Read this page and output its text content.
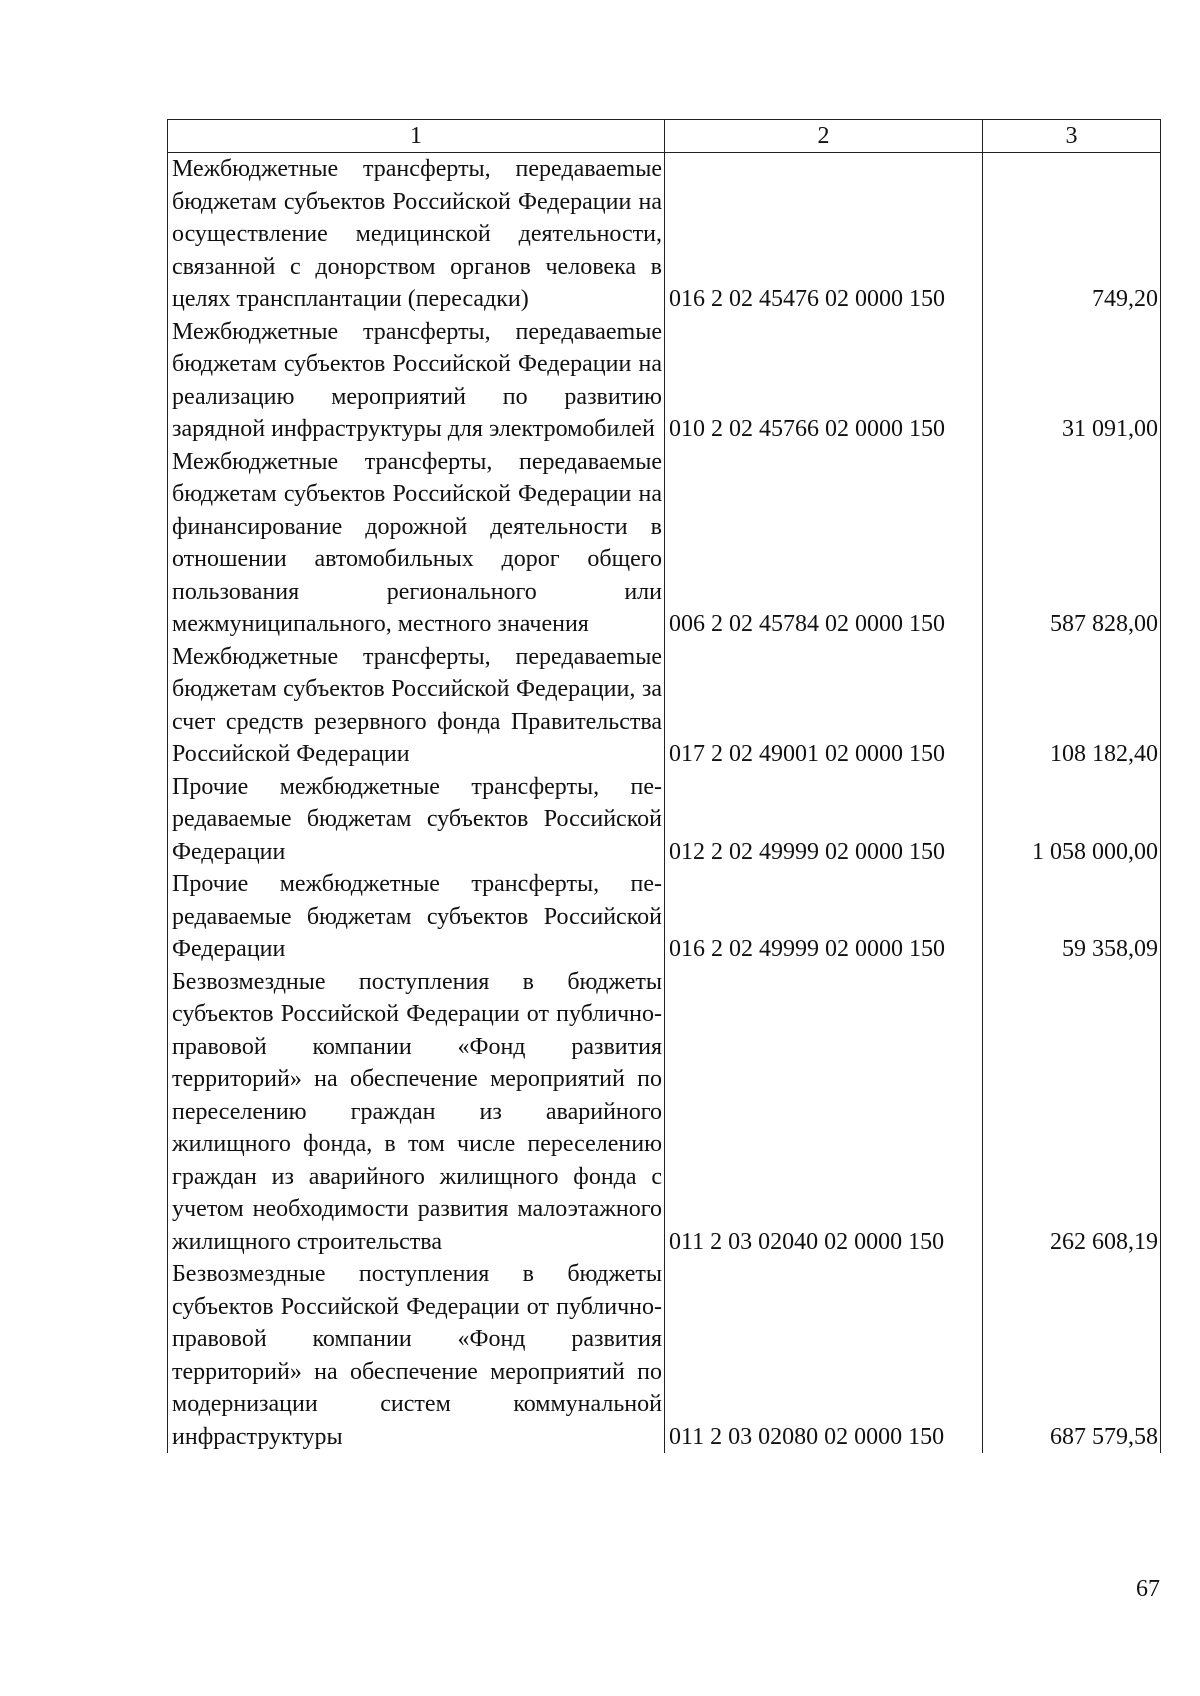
1	2	3
Межбюджетные трансферты, передаваеmые бюджетам субъектов Российской Федерации на осуществление медицинской деятельности, связанной с донорством органов человека в целях трансплантации (пересадки)	016 2 02 45476 02 0000 150	749,20
Межбюджетные трансферты, передаваеmые бюджетам субъектов Российской Федерации на реализацию мероприятий по развитию зарядной инфраструктуры для электромобилей	010 2 02 45766 02 0000 150	31 091,00
Межбюджетные трансферты, передаваемые бюджетам субъектов Российской Федерации на финансирование дорожной деятельности в отношении автомобильных дорог общего пользования регионального или межмуниципального, местного значения	006 2 02 45784 02 0000 150	587 828,00
Межбюджетные трансферты, передаваеmые бюджетам субъектов Российской Федерации, за счет средств резервного фонда Правительства Российской Федерации	017 2 02 49001 02 0000 150	108 182,40
Прочие межбюджетные трансферты, передаваемые бюджетам субъектов Российской Федерации	012 2 02 49999 02 0000 150	1 058 000,00
Прочие межбюджетные трансферты, передаваемые бюджетам субъектов Российской Федерации	016 2 02 49999 02 0000 150	59 358,09
Безвозмездные поступления в бюджеты субъектов Российской Федерации от публично-правовой компании «Фонд развития территорий» на обеспечение мероприятий по переселению граждан из аварийного жилищного фонда, в том числе переселению граждан из аварийного жилищного фонда с учетом необходимости развития малоэтажного жилищного строительства	011 2 03 02040 02 0000 150	262 608,19
Безвозмездные поступления в бюджеты субъектов Российской Федерации от публично-правовой компании «Фонд развития территорий» на обеспечение мероприятий по модернизации систем коммунальной инфраструктуры	011 2 03 02080 02 0000 150	687 579,58
67
